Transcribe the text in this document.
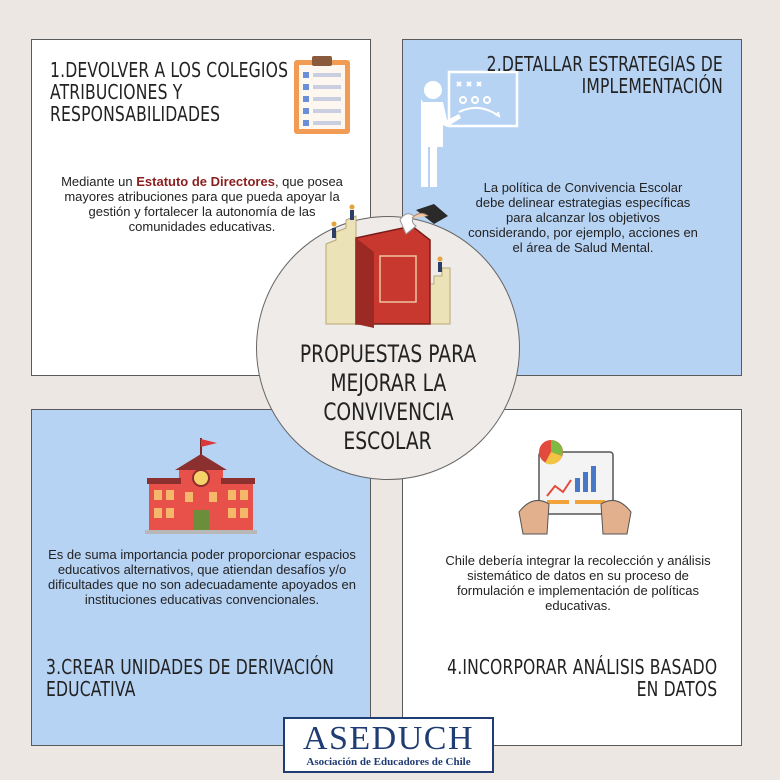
1.DEVOLVER A LOS COLEGIOS
ATRIBUCIONES Y
RESPONSABILIDADES
Mediante un Estatuto de Directores, que posea mayores atribuciones para que pueda apoyar la gestión y fortalecer la autonomía de las comunidades educativas.
2.DETALLAR ESTRATEGIAS DE
IMPLEMENTACIÓN
La política de Convivencia Escolar debe delinear estrategias específicas para alcanzar los objetivos considerando, por ejemplo, acciones en el área de Salud Mental.
Es de suma importancia poder proporcionar espacios educativos alternativos, que atiendan desafíos y/o dificultades que no son adecuadamente apoyados en instituciones educativas convencionales.
3.CREAR UNIDADES DE DERIVACIÓN
EDUCATIVA
Chile debería integrar la recolección y análisis sistemático de datos en su proceso de formulación e implementación de políticas educativas.
4.INCORPORAR ANÁLISIS BASADO
EN DATOS
PROPUESTAS PARA
MEJORAR LA
CONVIVENCIA
ESCOLAR
ASEDUCH
Asociación de Educadores de Chile
